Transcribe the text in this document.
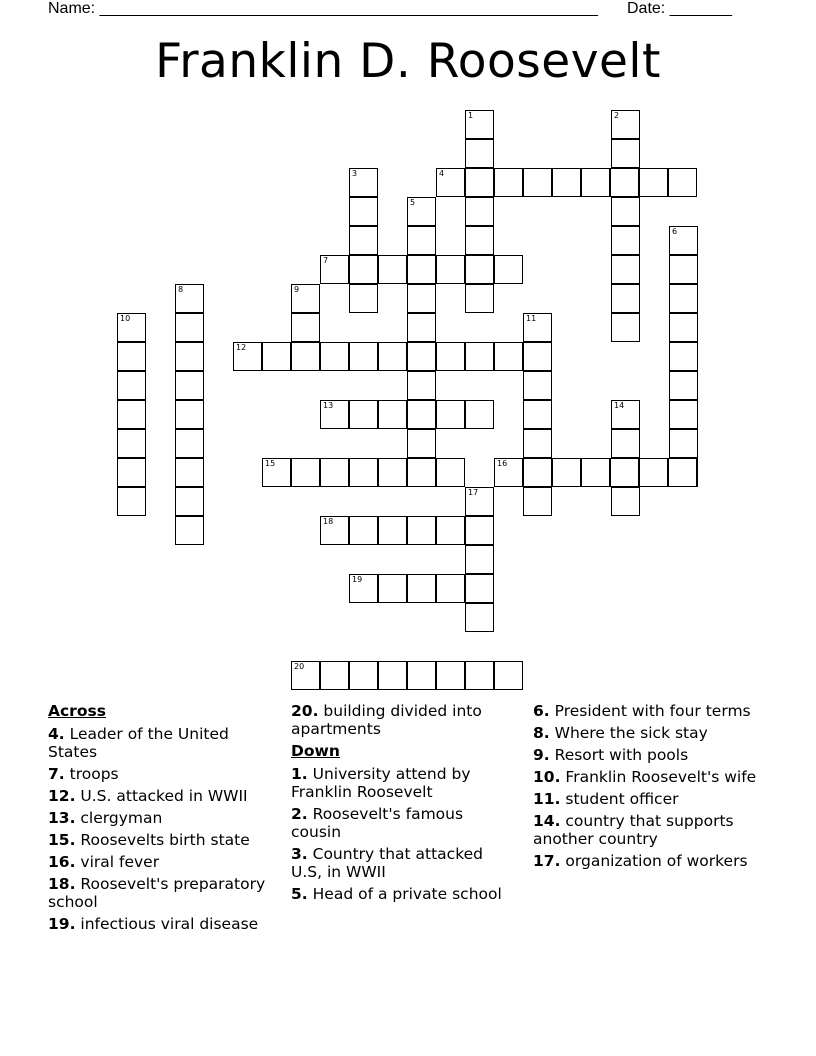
Name: ________________________________________________________ Date: _______
Franklin D. Roosevelt
1	2
3	4
5
6
7
8	9
10	11
12
13	14
15	16
17
18
19
20
Across
4. Leader of the United States
7. troops
12. U.S. attacked in WWII
13. clergyman
15. Roosevelts birth state
16. viral fever
18. Roosevelt's preparatory school
19. infectious viral disease
20. building divided into apartments
Down
1. University attend by Franklin Roosevelt
2. Roosevelt's famous cousin
3. Country that attacked U.S, in WWII
5. Head of a private school
6. President with four terms
8. Where the sick stay
9. Resort with pools
10. Franklin Roosevelt's wife
11. student officer
14. country that supports another country
17. organization of workers
